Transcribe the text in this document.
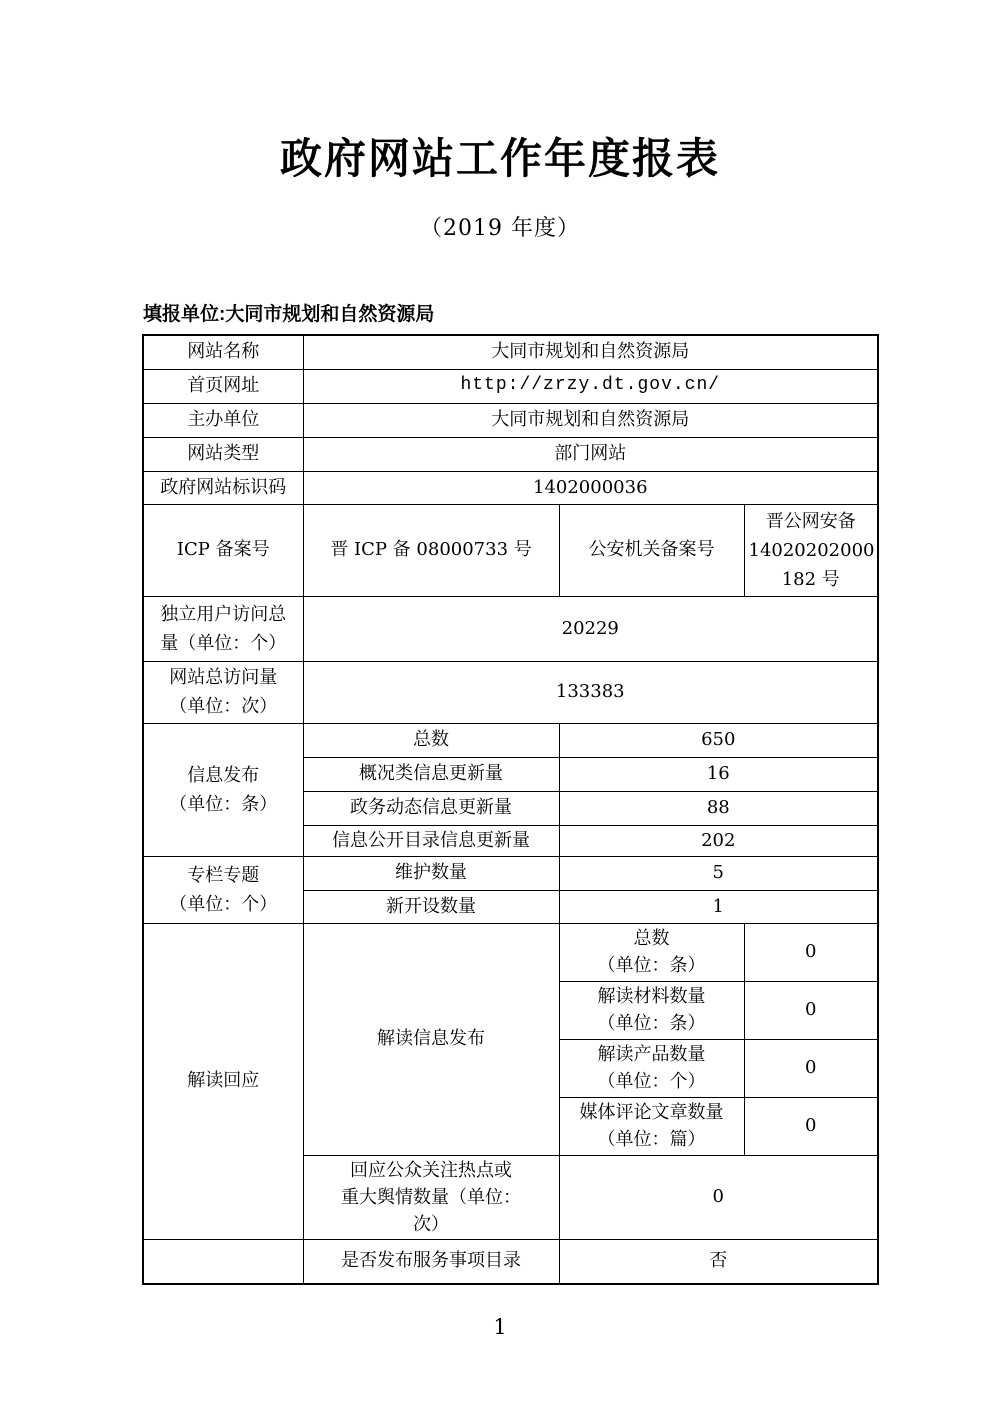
政府网站工作年度报表
（2019 年度）
填报单位:大同市规划和自然资源局
网站名称	大同市规划和自然资源局		
首页网址	http://zrzy.dt.gov.cn/		
主办单位	大同市规划和自然资源局		
网站类型	部门网站		
政府网站标识码	1402000036		
ICP 备案号	晋 ICP 备 08000733 号	公安机关备案号	晋公网安备
14020202000
182 号

独立用户访问总
量（单位：个）	20229		

网站总访问量
（单位：次）	133383		

信息发布
（单位：条）	总数	650	
	概况类信息更新量	16	
	政务动态信息更新量	88	
	信息公开目录信息更新量	202	

专栏专题
（单位：个）	维护数量	5	
	新开设数量	1	
解读回应	解读信息发布	总数
（单位：条）	0

		解读材料数量
（单位：条）	0

		解读产品数量
（单位：个）	0

		媒体评论文章数量
（单位：篇）	0

	回应公众关注热点或
重大舆情数量（单位：
次）	0	
	是否发布服务事项目录	否	
1
